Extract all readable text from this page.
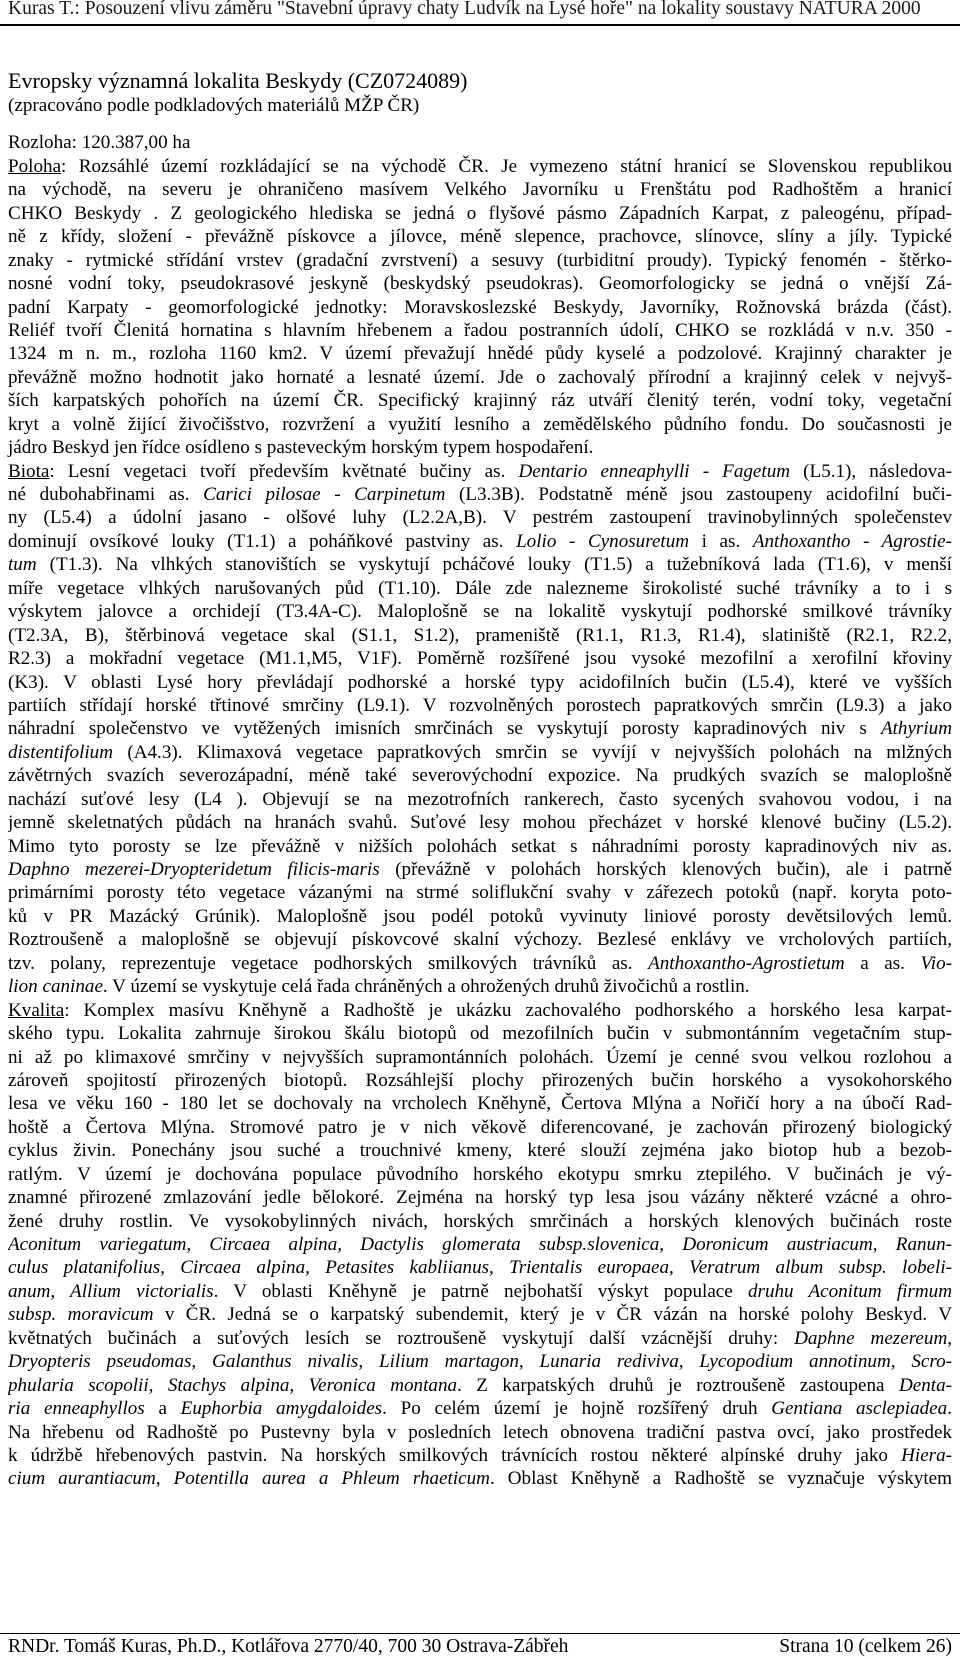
Kuras T.: Posouzení vlivu záměru "Stavební úpravy chaty Ludvík na Lysé hoře" na lokality soustavy NATURA 2000
Evropsky významná lokalita Beskydy (CZ0724089)
(zpracováno podle podkladových materiálů MŽP ČR)
Rozloha: 120.387,00 ha
Poloha: Rozsáhlé území rozkládající se na východě ČR. Je vymezeno státní hranicí se Slovenskou republikou
na východě, na severu je ohraničeno masívem Velkého Javorníku u Frenštátu pod Radhoštěm a hranicí
CHKO Beskydy . Z geologického hlediska se jedná o flyšové pásmo Západních Karpat, z paleogénu, případ-
ně z křídy, složení - převážně pískovce a jílovce, méně slepence, prachovce, slínovce, slíny a jíly. Typické
znaky - rytmické střídání vrstev (gradační zvrstvení) a sesuvy (turbiditní proudy). Typický fenomén - štěrko-
nosné vodní toky, pseudokrasové jeskyně (beskydský pseudokras). Geomorfologicky se jedná o vnější Zá-
padní Karpaty - geomorfologické jednotky: Moravskoslezské Beskydy, Javorníky, Rožnovská brázda (část).
Reliéf tvoří Členitá hornatina s hlavním hřebenem a řadou postranních údolí, CHKO se rozkládá v n.v. 350 -
1324 m n. m., rozloha 1160 km2. V území převažují hnědé půdy kyselé a podzolové. Krajinný charakter je
převážně možno hodnotit jako hornaté a lesnaté území. Jde o zachovalý přírodní a krajinný celek v nejvyš-
ších karpatských pohořích na území ČR. Specifický krajinný ráz utváří členitý terén, vodní toky, vegetační
kryt a volně žijící živočišstvo, rozvržení a využití lesního a zemědělského půdního fondu. Do současnosti je
jádro Beskyd jen řídce osídleno s pasteveckým horským typem hospodaření.
Biota: Lesní vegetaci tvoří především květnaté bučiny as. Dentario enneaphylli - Fagetum (L5.1), následova-
né dubohabřinami as. Carici pilosae - Carpinetum (L3.3B). Podstatně méně jsou zastoupeny acidofilní buči-
ny (L5.4) a údolní jasano - olšové luhy (L2.2A,B). V pestrém zastoupení travinobylinných společenstev
dominují ovsíkové louky (T1.1) a poháňkové pastviny as. Lolio - Cynosuretum i as. Anthoxantho - Agrostie-
tum (T1.3). Na vlhkých stanovištích se vyskytují pcháčové louky (T1.5) a tužebníková lada (T1.6), v menší
míře vegetace vlhkých narušovaných půd (T1.10). Dále zde nalezneme širokolisté suché trávníky a to i s
výskytem jalovce a orchidejí (T3.4A-C). Maloplošně se na lokalitě vyskytují podhorské smilkové trávníky
(T2.3A, B), štěrbinová vegetace skal (S1.1, S1.2), prameniště (R1.1, R1.3, R1.4), slatiniště (R2.1, R2.2,
R2.3) a mokřadní vegetace (M1.1,M5, V1F). Poměrně rozšířené jsou vysoké mezofilní a xerofilní křoviny
(K3). V oblasti Lysé hory převládají podhorské a horské typy acidofilních bučin (L5.4), které ve vyšších
partiích střídají horské třtinové smrčiny (L9.1). V rozvolněných porostech papratkových smrčin (L9.3) a jako
náhradní společenstvo ve vytěžených imisních smrčinách se vyskytují porosty kapradinových niv s Athyrium
distentifolium (A4.3). Klimaxová vegetace papratkových smrčin se vyvíjí v nejvyšších polohách na mlžných
závětrných svazích severozápadní, méně také severovýchodní expozice. Na prudkých svazích se maloplošně
nachází suťové lesy (L4 ). Objevují se na mezotrofních rankerech, často sycených svahovou vodou, i na
jemně skeletnatých půdách na hranách svahů. Suťové lesy mohou přecházet v horské klenové bučiny (L5.2).
Mimo tyto porosty se lze převážně v nižších polohách setkat s náhradními porosty kapradinových niv as.
Daphno mezerei-Dryopteridetum filicis-maris (převážně v polohách horských klenových bučin), ale i patrně
primárními porosty této vegetace vázanými na strmé soliflukční svahy v zářezech potoků (např. koryta poto-
ků v PR Mazácký Grúnik). Maloplošně jsou podél potoků vyvinuty liniové porosty devětsilových lemů.
Roztroušeně a maloplošně se objevují pískovcové skalní výchozy. Bezlesé enklávy ve vrcholových partiích,
tzv. polany, reprezentuje vegetace podhorských smilkových trávníků as. Anthoxantho-Agrostietum a as. Vio-
lion caninae. V území se vyskytuje celá řada chráněných a ohrožených druhů živočichů a rostlin.
Kvalita: Komplex masívu Kněhyně a Radhoště je ukázku zachovalého podhorského a horského lesa karpat-
ského typu. Lokalita zahrnuje širokou škálu biotopů od mezofilních bučin v submontánním vegetačním stup-
ni až po klimaxové smrčiny v nejvyšších supramontánních polohách. Území je cenné svou velkou rozlohou a
zároveň spojitostí přirozených biotopů. Rozsáhlejší plochy přirozených bučin horského a vysokohorského
lesa ve věku 160 - 180 let se dochovaly na vrcholech Kněhyně, Čertova Mlýna a Nořičí hory a na úbočí Rad-
hoště a Čertova Mlýna. Stromové patro je v nich věkově diferencované, je zachován přirozený biologický
cyklus živin. Ponechány jsou suché a trouchnivé kmeny, které slouží zejména jako biotop hub a bezob-
ratlým. V území je dochována populace původního horského ekotypu smrku ztepilého. V bučinách je vý-
znamné přirozené zmlazování jedle bělokoré. Zejména na horský typ lesa jsou vázány některé vzácné a ohro-
žené druhy rostlin. Ve vysokobylinných nivách, horských smrčinách a horských klenových bučinách roste
Aconitum variegatum, Circaea alpina, Dactylis glomerata subsp.slovenica, Doronicum austriacum, Ranun-
culus platanifolius, Circaea alpina, Petasites kabliianus, Trientalis europaea, Veratrum album subsp. lobeli-
anum, Allium victorialis. V oblasti Kněhyně je patrně nejbohatší výskyt populace druhu Aconitum firmum
subsp. moravicum v ČR. Jedná se o karpatský subendemit, který je v ČR vázán na horské polohy Beskyd. V
květnatých bučinách a suťových lesích se roztroušeně vyskytují další vzácnější druhy: Daphne mezereum,
Dryopteris pseudomas, Galanthus nivalis, Lilium martagon, Lunaria rediviva, Lycopodium annotinum, Scro-
phularia scopolii, Stachys alpina, Veronica montana. Z karpatských druhů je roztroušeně zastoupena Denta-
ria enneaphyllos a Euphorbia amygdaloides. Po celém území je hojně rozšířený druh Gentiana asclepiadea.
Na hřebenu od Radhoště po Pustevny byla v posledních letech obnovena tradiční pastva ovcí, jako prostředek
k údržbě hřebenových pastvin. Na horských smilkových trávnících rostou některé alpínské druhy jako Hiera-
cium aurantiacum, Potentilla aurea a Phleum rhaeticum. Oblast Kněhyně a Radhoště se vyznačuje výskytem
RNDr. Tomáš Kuras, Ph.D., Kotlářova 2770/40, 700 30 Ostrava-Zábřeh	Strana 10 (celkem 26)
